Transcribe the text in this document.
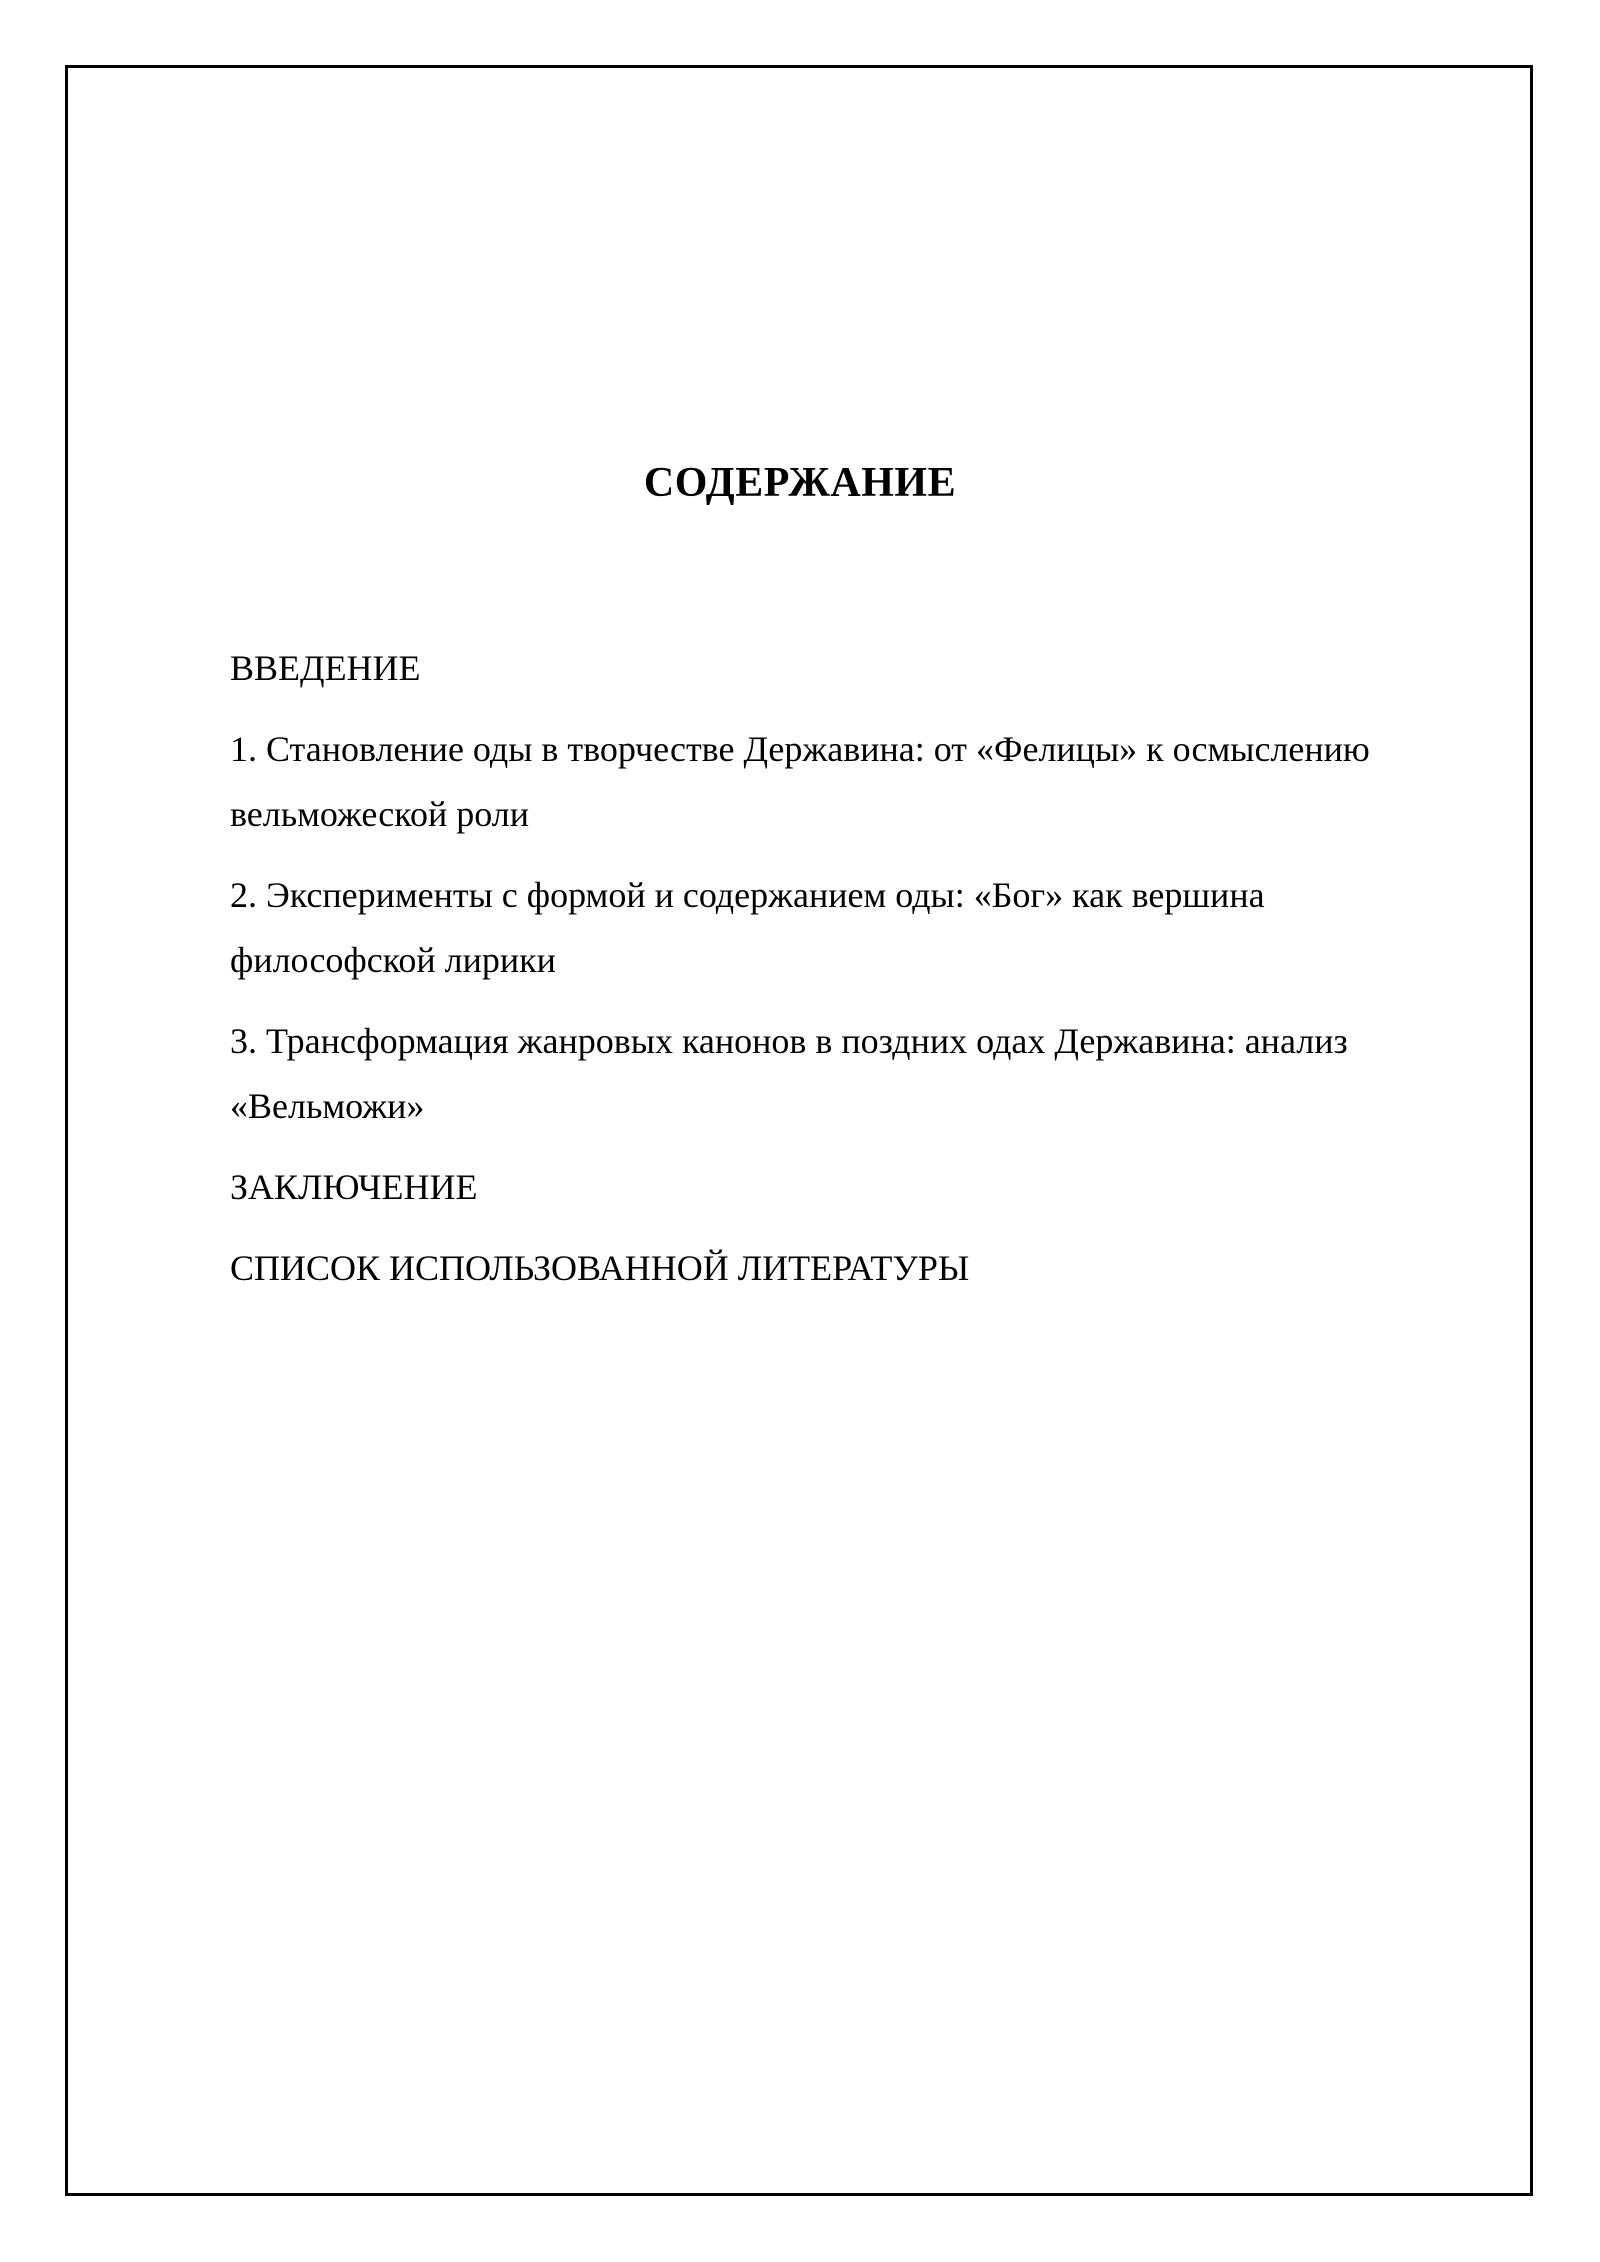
СОДЕРЖАНИЕ
ВВЕДЕНИЕ
1. Становление оды в творчестве Державина: от «Фелицы» к осмыслению вельможеской роли
2. Эксперименты с формой и содержанием оды: «Бог» как вершина философской лирики
3. Трансформация жанровых канонов в поздних одах Державина: анализ «Вельможи»
ЗАКЛЮЧЕНИЕ
СПИСОК ИСПОЛЬЗОВАННОЙ ЛИТЕРАТУРЫ
